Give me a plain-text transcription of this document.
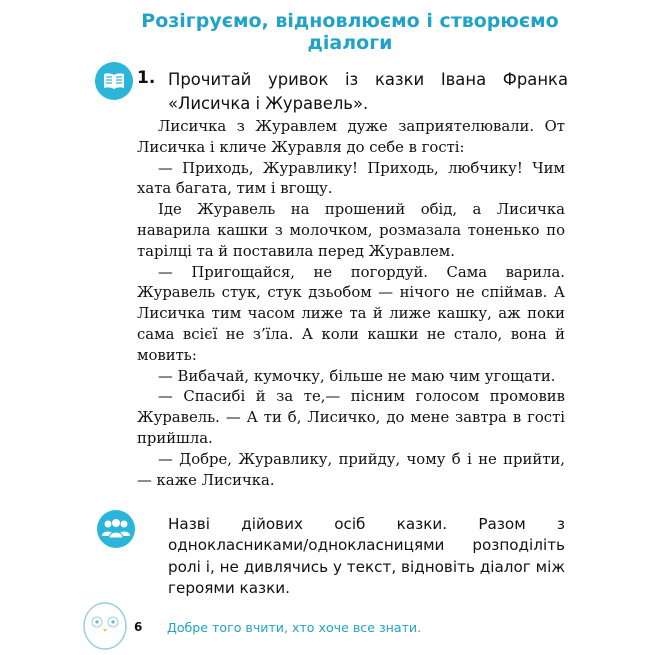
Розігруємо, відновлюємо і створюємо діалоги
1. Прочитай уривок із казки Івана Франка «Лисичка і Журавель».

Лисичка з Журавлем дуже заприятелювали. От Лисичка і кличе Журавля до себе в гості:

— Приходь, Журавлику! Приходь, любчику! Чим хата багата, тим і вгощу.

Іде Журавель на прошений обід, а Лисичка наварила кашки з молочком, розмазала тоненько по тарілці та й поставила перед Журавлем.

— Пригощайся, не погордуй. Сама варила. Журавель стук, стук дзьобом — нічого не спіймав. А Лисичка тим часом лиже та й лиже кашку, аж поки сама всієї не з’їла. А коли кашки не стало, вона й мовить:

— Вибачай, кумочку, більше не маю чим угощати.

— Спасибі й за те,— пісним голосом промовив Журавель. — А ти б, Лисичко, до мене завтра в гості прийшла.

— Добре, Журавлику, прийду, чому б і не прийти,— каже Лисичка.

Назві дійових осіб казки. Разом з однокласниками/однокласницями розподіліть ролі і, не дивлячись у текст, відновіть діалог між героями казки.
6 Добре того вчити, хто хоче все знати.
